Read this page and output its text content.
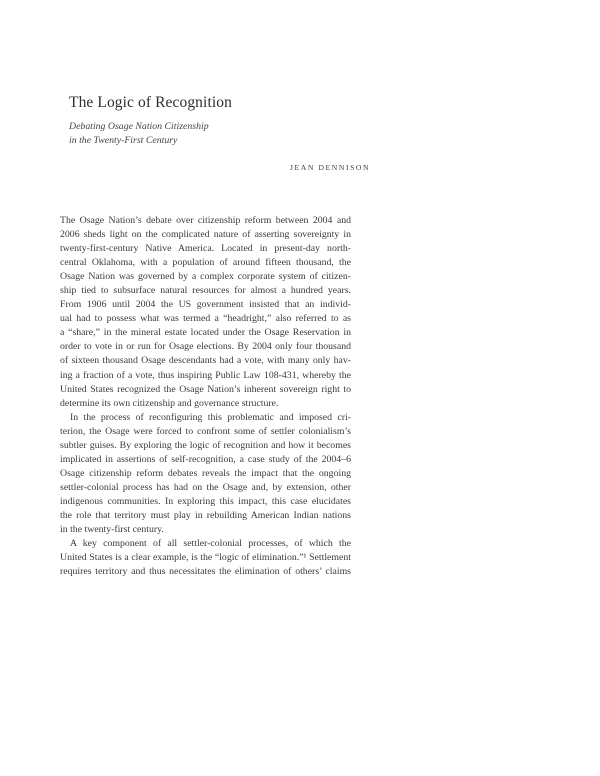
The Logic of Recognition
Debating Osage Nation Citizenship
in the Twenty-First Century
JEAN DENNISON
The Osage Nation’s debate over citizenship reform between 2004 and
2006 sheds light on the complicated nature of asserting sovereignty in
twenty-first-century Native America. Located in present-day north-
central Oklahoma, with a population of around fifteen thousand, the
Osage Nation was governed by a complex corporate system of citizen-
ship tied to subsurface natural resources for almost a hundred years.
From 1906 until 2004 the US government insisted that an individ-
ual had to possess what was termed a “headright,” also referred to as
a “share,” in the mineral estate located under the Osage Reservation in
order to vote in or run for Osage elections. By 2004 only four thousand
of sixteen thousand Osage descendants had a vote, with many only hav-
ing a fraction of a vote, thus inspiring Public Law 108-431, whereby the
United States recognized the Osage Nation’s inherent sovereign right to
determine its own citizenship and governance structure.
In the process of reconfiguring this problematic and imposed cri-
terion, the Osage were forced to confront some of settler colonialism’s
subtler guises. By exploring the logic of recognition and how it becomes
implicated in assertions of self-recognition, a case study of the 2004–6
Osage citizenship reform debates reveals the impact that the ongoing
settler-colonial process has had on the Osage and, by extension, other
indigenous communities. In exploring this impact, this case elucidates
the role that territory must play in rebuilding American Indian nations
in the twenty-first century.
A key component of all settler-colonial processes, of which the
United States is a clear example, is the “logic of elimination.”¹ Settlement
requires territory and thus necessitates the elimination of others’ claims
